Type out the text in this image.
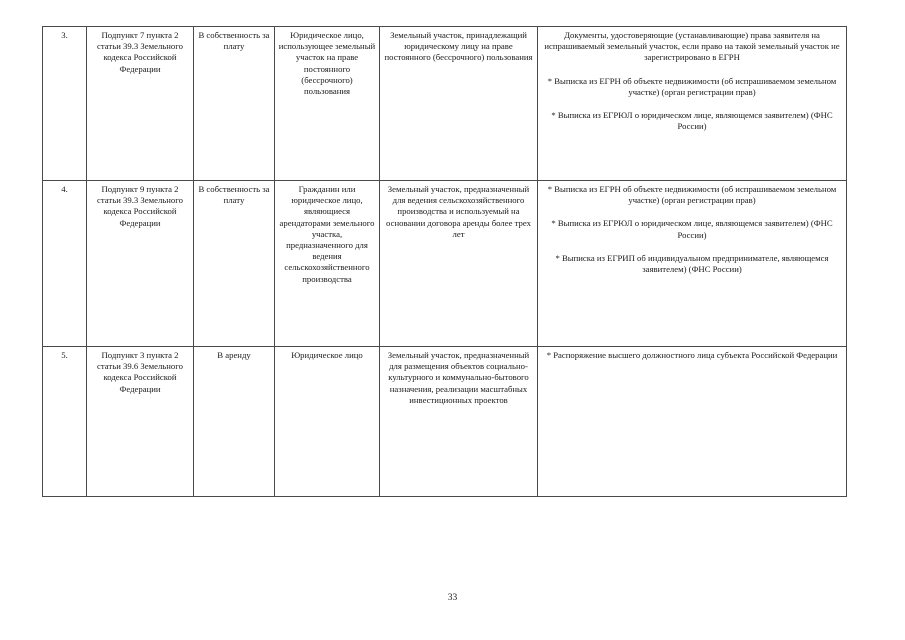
3.	Подпункт 7 пункта 2 статьи 39.3 Земельного кодекса Российской Федерации	В собственность за плату	Юридическое лицо, использующее земельный участок на праве постоянного (бессрочного) пользования	Земельный участок, принадлежащий юридическому лицу на праве постоянного (бессрочного) пользования	Документы, удостоверяющие (устанавливающие) права заявителя на испрашиваемый земельный участок, если право на такой земельный участок не зарегистрировано в ЕГРН

* Выписка из ЕГРН об объекте недвижимости (об испрашиваемом земельном участке) (орган регистрации прав)

* Выписка из ЕГРЮЛ о юридическом лице, являющемся заявителем) (ФНС России)

4.	Подпункт 9 пункта 2 статьи 39.3 Земельного кодекса Российской Федерации	В собственность за плату	Гражданин или юридическое лицо, являющиеся арендаторами земельного участка, предназначенного для ведения сельскохозяйственного производства	Земельный участок, предназначенный для ведения сельскохозяйственного производства и используемый на основании договора аренды более трех лет	* Выписка из ЕГРН об объекте недвижимости (об испрашиваемом земельном участке) (орган регистрации прав)

* Выписка из ЕГРЮЛ о юридическом лице, являющемся заявителем) (ФНС России)

* Выписка из ЕГРИП об индивидуальном предпринимателе, являющемся заявителем) (ФНС России)

5.	Подпункт 3 пункта 2 статьи 39.6 Земельного кодекса Российской Федерации	В аренду	Юридическое лицо	Земельный участок, предназначенный для размещения объектов социально-культурного и коммунально-бытового назначения, реализации масштабных инвестиционных проектов	* Распоряжение высшего должностного лица субъекта Российской Федерации

33
